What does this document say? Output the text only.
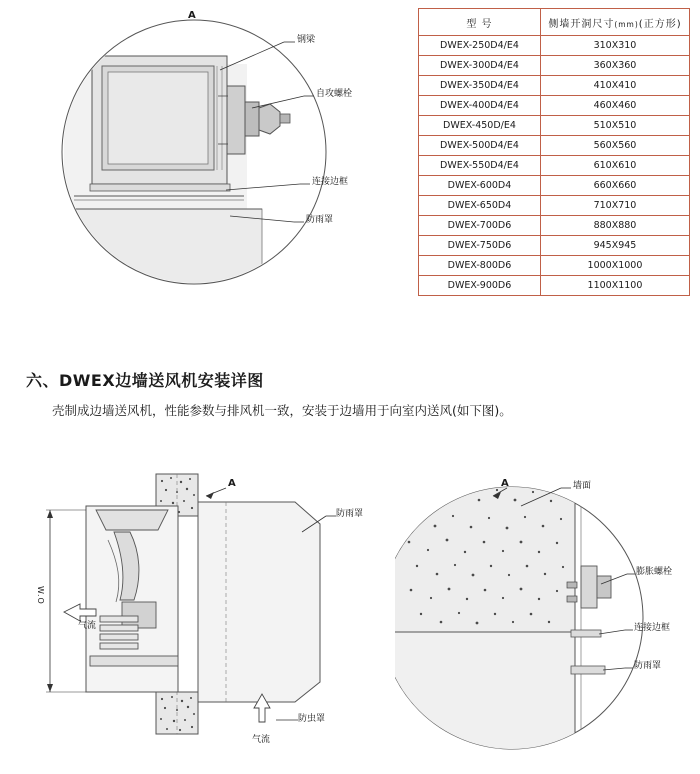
A
钢梁
自攻螺栓
连接边框
防雨罩
型 号	侧墙开洞尺寸(mm)(正方形)
DWEX-250D4/E4	310X310
DWEX-300D4/E4	360X360
DWEX-350D4/E4	410X410
DWEX-400D4/E4	460X460
DWEX-450D/E4	510X510
DWEX-500D4/E4	560X560
DWEX-550D4/E4	610X610
DWEX-600D4	660X660
DWEX-650D4	710X710
DWEX-700D6	880X880
DWEX-750D6	945X945
DWEX-800D6	1000X1000
DWEX-900D6	1100X1100
六、DWEX边墙送风机安装详图
壳制成边墙送风机，性能参数与排风机一致，安装于边墙用于向室内送风(如下图)。
W.O
A
防雨罩
防虫罩
气流
气流
A	墙面
膨胀螺栓
连接边框
防雨罩
